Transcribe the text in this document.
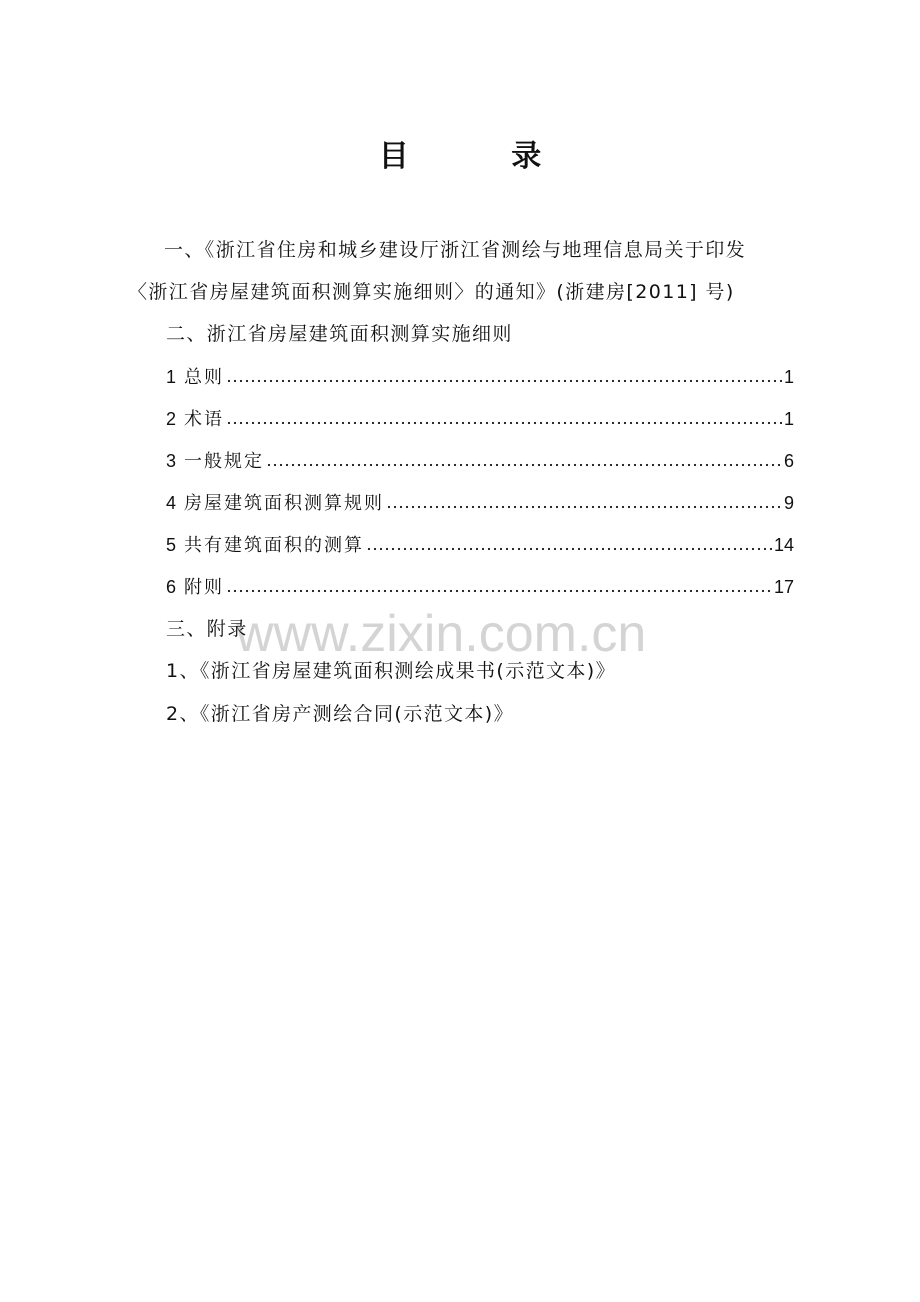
目 录
一、《浙江省住房和城乡建设厅浙江省测绘与地理信息局关于印发
〈浙江省房屋建筑面积测算实施细则〉的通知》(浙建房[2011] 号)
二、浙江省房屋建筑面积测算实施细则
1 总则	1
2 术语	1
3 一般规定	6
4 房屋建筑面积测算规则	9
5 共有建筑面积的测算	14
6 附则	17
www.zixin.com.cn
三、附录
1、《浙江省房屋建筑面积测绘成果书(示范文本)》
2、《浙江省房产测绘合同(示范文本)》
